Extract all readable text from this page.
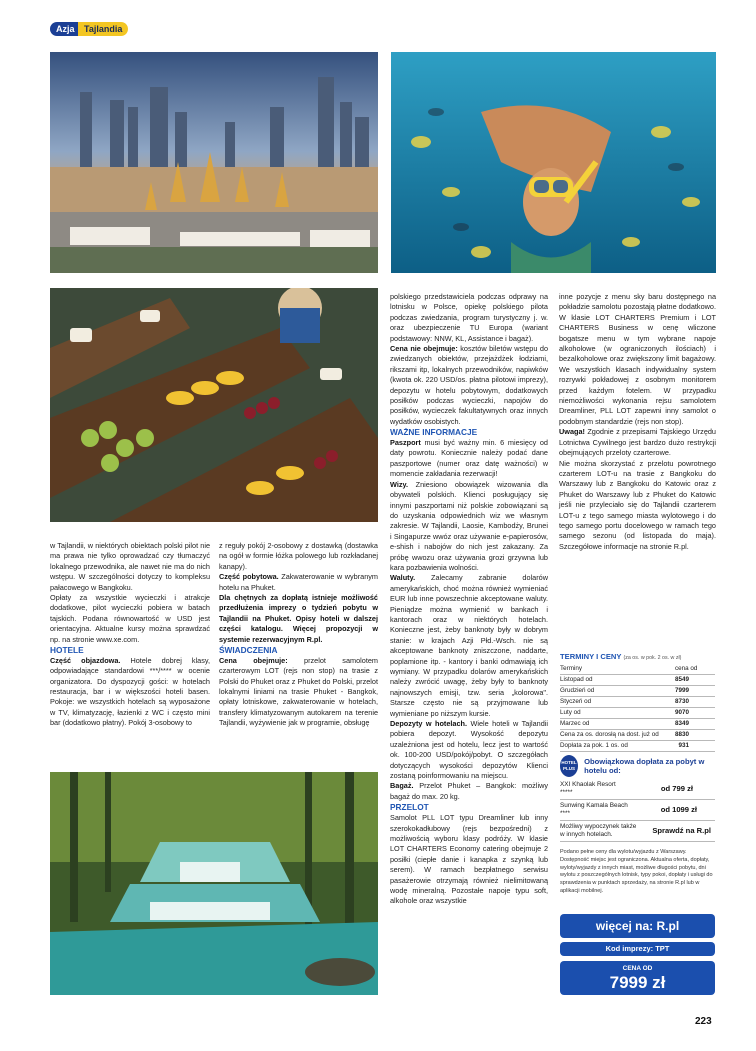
Azja	Tajlandia

w Tajlandii, w niektórych obiektach polski pilot nie ma prawa nie tylko oprowadzać czy tłumaczyć lokalnego przewodnika, ale nawet nie ma do nich wstępu. W szczególności dotyczy to kompleksu pałacowego w Bangkoku.

Opłaty za wszystkie wycieczki i atrakcje dodatkowe, pilot wycieczki pobiera w batach tajskich. Podana równowartość w USD jest orientacyjna. Aktualne kursy można sprawdzać np. na stronie www.xe.com.

HOTELE

Część objazdowa. Hotele dobrej klasy, odpowiadające standardowi ***/**** w ocenie organizatora. Do dyspozycji gości: w hotelach restauracja, bar i w większości hoteli basen. Pokoje: we wszystkich hotelach są wyposażone w TV, klimatyzację, łazienki z WC i często mini bar (dodatkowo płatny). Pokój 3-osobowy to

z reguły pokój 2-osobowy z dostawką (dostawka na ogół w formie łóżka polowego lub rozkładanej kanapy).

Część pobytowa. Zakwaterowanie w wybranym hotelu na Phuket.

Dla chętnych za dopłatą istnieje możliwość przedłużenia imprezy o tydzień pobytu w Tajlandii na Phuket. Opisy hoteli w dalszej części katalogu. Więcej propozycji w systemie rezerwacyjnym R.pl.

ŚWIADCZENIA

Cena obejmuje: przelot samolotem czarterowym LOT (rejs non stop) na trasie z Polski do Phuket oraz z Phuket do Polski, przelot lokalnymi liniami na trasie Phuket - Bangkok, opłaty lotniskowe, zakwaterowanie w hotelach, transfery klimatyzowanym autokarem na terenie Tajlandii, wyżywienie jak w programie, obsługę

polskiego przedstawiciela podczas odprawy na lotnisku w Polsce, opiekę polskiego pilota podczas zwiedzania, program turystyczny j. w. oraz ubezpieczenie TU Europa (wariant podstawowy: NNW, KL, Assistance i bagaż).

Cena nie obejmuje: kosztów biletów wstępu do zwiedzanych obiektów, przejażdżek łodziami, rikszami itp, lokalnych przewodników, napiwków (kwota ok. 220 USD/os. płatna pilotowi imprezy), depozytu w hotelu pobytowym, dodatkowych posiłków podczas wycieczki, napojów do posiłków, wycieczek fakultatywnych oraz innych wydatków osobistych.

WAŻNE INFORMACJE

Paszport musi być ważny min. 6 miesięcy od daty powrotu. Koniecznie należy podać dane paszportowe (numer oraz datę ważności) w momencie zakładania rezerwacji!

Wizy. Zniesiono obowiązek wizowania dla obywateli polskich. Klienci posługujący się innymi paszportami niż polskie zobowiązani są do uzyskania odpowiednich wiz we własnym zakresie. W Tajlandii, Laosie, Kambodży, Brunei i Singapurze wwóz oraz używanie e-papierosów, e-shish i nabojów do nich jest zakazany. Za próbę wwozu oraz używania grozi grzywna lub kara pozbawienia wolności.

Waluty. Zalecamy zabranie dolarów amerykańskich, choć można również wymieniać EUR lub inne powszechnie akceptowane waluty. Pieniądze można wymienić w bankach i kantorach oraz w niektórych hotelach. Konieczne jest, żeby banknoty były w dobrym stanie: w krajach Azji Płd.-Wsch. nie są akceptowane banknoty zniszczone, naddarte, poplamione itp. - kantory i banki odmawiają ich wymiany. W przypadku dolarów amerykańskich należy zwrócić uwagę, żeby były to banknoty najnowszych emisji, tzw. seria „kolorowa". Starsze często nie są przyjmowane lub wymieniane po niższym kursie.

Depozyty w hotelach. Wiele hoteli w Tajlandii pobiera depozyt. Wysokość depozytu uzależniona jest od hotelu, lecz jest to wartość ok. 100-200 USD/pokój/pobyt. O szczegółach dotyczących wysokości depozytów Klienci zostaną poinformowaniu na miejscu.

Bagaż. Przelot Phuket – Bangkok: możliwy bagaż do max. 20 kg.

PRZELOT

Samolot PLL LOT typu Dreamliner lub inny szerokokadłubowy (rejs bezpośredni) z możliwością wyboru klasy podróży. W klasie LOT CHARTERS Economy catering obejmuje 2 posiłki (ciepłe danie i kanapka z szynką lub serem). W ramach bezpłatnego serwisu pasażerowie otrzymają również nielimitowaną wodę mineralną. Pozostałe napoje typu soft, alkohole oraz wszystkie

inne pozycje z menu sky baru dostępnego na pokładzie samolotu pozostają płatne dodatkowo. W klasie LOT CHARTERS Premium i LOT CHARTERS Business w cenę wliczone bogatsze menu w tym wybrane napoje alkoholowe (w ograniczonych ilościach) i bezalkoholowe oraz zwiększony limit bagażowy. We wszystkich klasach indywidualny system rozrywki pokładowej z osobnym monitorem przed każdym fotelem. W przypadku niemożliwości wykonania rejsu samolotem Dreamliner, PLL LOT zapewni inny samolot o podobnym standardzie (rejs non stop).

Uwaga! Zgodnie z przepisami Tajskiego Urzędu Lotnictwa Cywilnego jest bardzo dużo restrykcji obejmujących przeloty czarterowe.

Nie można skorzystać z przelotu powrotnego czarterem LOT-u na trasie z Bangkoku do Warszawy lub z Bangkoku do Katowic oraz z Phuket do Warszawy lub z Phuket do Katowic jeśli nie przyleciało się do Tajlandii czarterem LOT-u z tego samego miasta wylotowego i do tego samego portu docelowego w ramach tego samego sezonu (od listopada do maja). Szczegółowe informacje na stronie R.pl.

TERMINY I CENY (za os. w pok. 2 os. w zł)
Terminy	cena od
Listopad od	8549
Grudzień od	7999
Styczeń od	8730
Luty od	9070
Marzec od	8349
Cena za os. dorosłą na dost. już od	8830
Dopłata za pok. 1 os. od	931
HOTEL PLUS
Obowiązkowa dopłata za pobyt w hotelu od:
XXI Khaolak Resort
*****	od 799 zł
Sunwing Kamala Beach
****	od 1099 zł
Możliwy wypoczynek także w innych hotelach.	Sprawdź na R.pl
Podano pełne ceny dla wylotu/wyjazdu z Warszawy. Dostępność miejsc jest ograniczona. Aktualna oferta, dopłaty, wyloty/wyjazdy z innych miast, możliwe długości pobytu, dni wylotu z poszczególnych lotnisk, typy pokoi, dopłaty i usługi do sprawdzenia w punktach sprzedaży, na stronie R.pl lub w aplikacji mobilnej.
więcej na: R.pl
Kod imprezy: TPT
CENA OD
7999 zł
223
